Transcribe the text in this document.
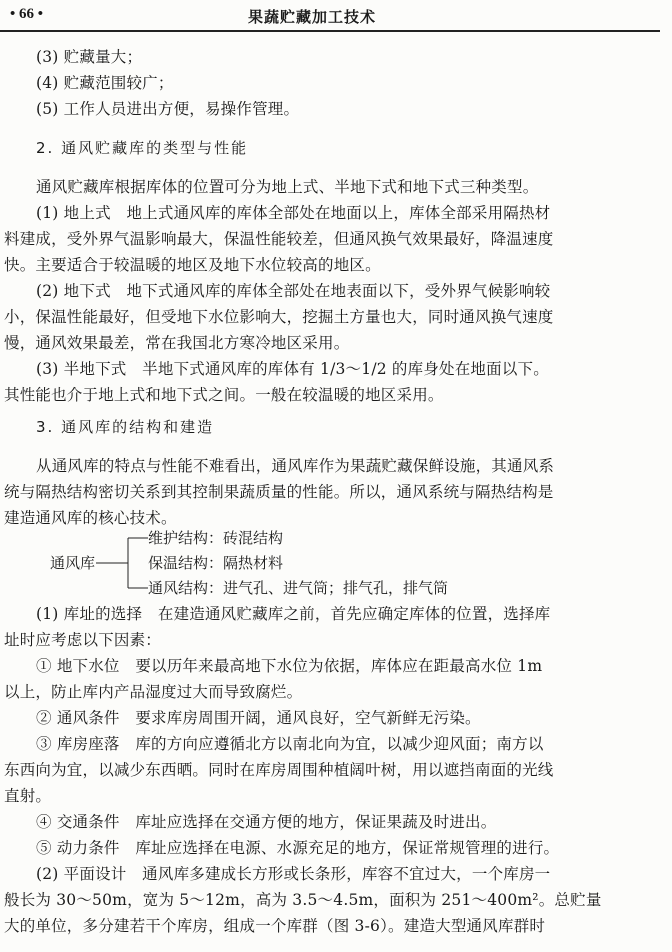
• 66 •	果蔬贮藏加工技术
(3) 贮藏量大；
(4) 贮藏范围较广；
(5) 工作人员进出方便，易操作管理。
2. 通风贮藏库的类型与性能
通风贮藏库根据库体的位置可分为地上式、半地下式和地下式三种类型。
(1) 地上式　地上式通风库的库体全部处在地面以上，库体全部采用隔热材
料建成，受外界气温影响最大，保温性能较差，但通风换气效果最好，降温速度
快。主要适合于较温暖的地区及地下水位较高的地区。
(2) 地下式　地下式通风库的库体全部处在地表面以下，受外界气候影响较
小，保温性能最好，但受地下水位影响大，挖掘土方量也大，同时通风换气速度
慢，通风效果最差，常在我国北方寒冷地区采用。
(3) 半地下式　半地下式通风库的库体有 1/3～1/2 的库身处在地面以下。
其性能也介于地上式和地下式之间。一般在较温暖的地区采用。
3. 通风库的结构和建造
从通风库的特点与性能不难看出，通风库作为果蔬贮藏保鲜设施，其通风系
统与隔热结构密切关系到其控制果蔬质量的性能。所以，通风系统与隔热结构是
建造通风库的核心技术。
通风库
维护结构：砖混结构
保温结构：隔热材料
通风结构：进气孔、进气筒；排气孔，排气筒
(1) 库址的选择　在建造通风贮藏库之前，首先应确定库体的位置，选择库
址时应考虑以下因素：
① 地下水位　要以历年来最高地下水位为依据，库体应在距最高水位 1m
以上，防止库内产品湿度过大而导致腐烂。
② 通风条件　要求库房周围开阔，通风良好，空气新鲜无污染。
③ 库房座落　库的方向应遵循北方以南北向为宜，以减少迎风面；南方以
东西向为宜，以减少东西晒。同时在库房周围种植阔叶树，用以遮挡南面的光线
直射。
④ 交通条件　库址应选择在交通方便的地方，保证果蔬及时进出。
⑤ 动力条件　库址应选择在电源、水源充足的地方，保证常规管理的进行。
(2) 平面设计　通风库多建成长方形或长条形，库容不宜过大，一个库房一
般长为 30～50m，宽为 5～12m，高为 3.5～4.5m，面积为 251～400m²。总贮量
大的单位，多分建若干个库房，组成一个库群（图 3-6）。建造大型通风库群时
